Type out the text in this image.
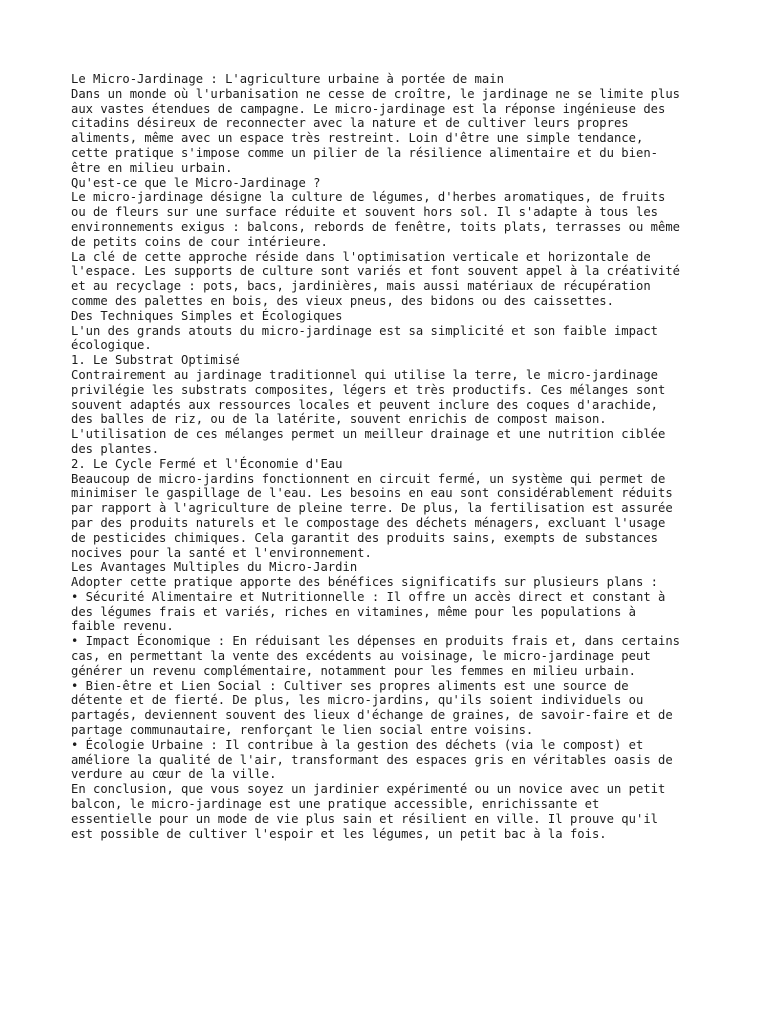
Le Micro-Jardinage : L'agriculture urbaine à portée de main
Dans un monde où l'urbanisation ne cesse de croître, le jardinage ne se limite plus
aux vastes étendues de campagne. Le micro-jardinage est la réponse ingénieuse des
citadins désireux de reconnecter avec la nature et de cultiver leurs propres
aliments, même avec un espace très restreint. Loin d'être une simple tendance,
cette pratique s'impose comme un pilier de la résilience alimentaire et du bien-
être en milieu urbain.
Qu'est-ce que le Micro-Jardinage ?
Le micro-jardinage désigne la culture de légumes, d'herbes aromatiques, de fruits
ou de fleurs sur une surface réduite et souvent hors sol. Il s'adapte à tous les
environnements exigus : balcons, rebords de fenêtre, toits plats, terrasses ou même
de petits coins de cour intérieure.
La clé de cette approche réside dans l'optimisation verticale et horizontale de
l'espace. Les supports de culture sont variés et font souvent appel à la créativité
et au recyclage : pots, bacs, jardinières, mais aussi matériaux de récupération
comme des palettes en bois, des vieux pneus, des bidons ou des caissettes.
Des Techniques Simples et Écologiques
L'un des grands atouts du micro-jardinage est sa simplicité et son faible impact
écologique.
1. Le Substrat Optimisé
Contrairement au jardinage traditionnel qui utilise la terre, le micro-jardinage
privilégie les substrats composites, légers et très productifs. Ces mélanges sont
souvent adaptés aux ressources locales et peuvent inclure des coques d'arachide,
des balles de riz, ou de la latérite, souvent enrichis de compost maison.
L'utilisation de ces mélanges permet un meilleur drainage et une nutrition ciblée
des plantes.
2. Le Cycle Fermé et l'Économie d'Eau
Beaucoup de micro-jardins fonctionnent en circuit fermé, un système qui permet de
minimiser le gaspillage de l'eau. Les besoins en eau sont considérablement réduits
par rapport à l'agriculture de pleine terre. De plus, la fertilisation est assurée
par des produits naturels et le compostage des déchets ménagers, excluant l'usage
de pesticides chimiques. Cela garantit des produits sains, exempts de substances
nocives pour la santé et l'environnement.
Les Avantages Multiples du Micro-Jardin
Adopter cette pratique apporte des bénéfices significatifs sur plusieurs plans :
• Sécurité Alimentaire et Nutritionnelle : Il offre un accès direct et constant à
des légumes frais et variés, riches en vitamines, même pour les populations à
faible revenu.
• Impact Économique : En réduisant les dépenses en produits frais et, dans certains
cas, en permettant la vente des excédents au voisinage, le micro-jardinage peut
générer un revenu complémentaire, notamment pour les femmes en milieu urbain.
• Bien-être et Lien Social : Cultiver ses propres aliments est une source de
détente et de fierté. De plus, les micro-jardins, qu'ils soient individuels ou
partagés, deviennent souvent des lieux d'échange de graines, de savoir-faire et de
partage communautaire, renforçant le lien social entre voisins.
• Écologie Urbaine : Il contribue à la gestion des déchets (via le compost) et
améliore la qualité de l'air, transformant des espaces gris en véritables oasis de
verdure au cœur de la ville.
En conclusion, que vous soyez un jardinier expérimenté ou un novice avec un petit
balcon, le micro-jardinage est une pratique accessible, enrichissante et
essentielle pour un mode de vie plus sain et résilient en ville. Il prouve qu'il
est possible de cultiver l'espoir et les légumes, un petit bac à la fois.
